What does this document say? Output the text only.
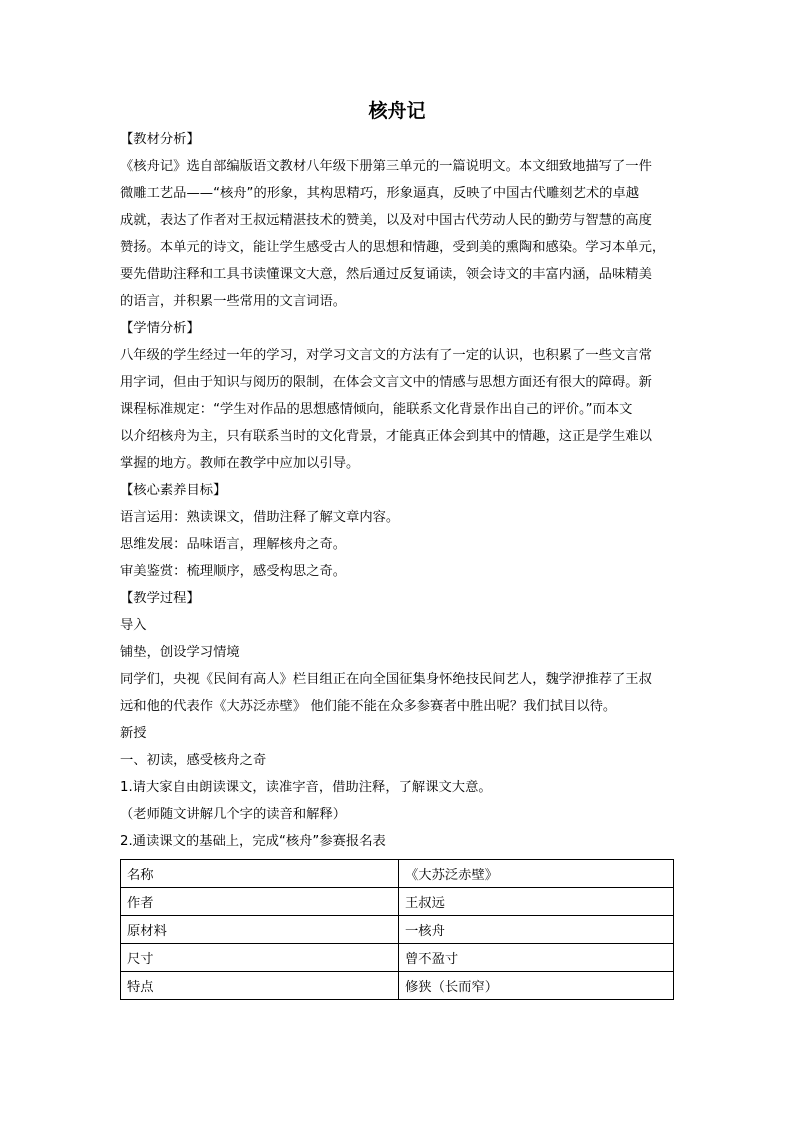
核舟记

【教材分析】

《核舟记》选自部编版语文教材八年级下册第三单元的一篇说明文。本文细致地描写了一件

微雕工艺品——“核舟”的形象，其构思精巧，形象逼真，反映了中国古代雕刻艺术的卓越

成就，表达了作者对王叔远精湛技术的赞美，以及对中国古代劳动人民的勤劳与智慧的高度

赞扬。本单元的诗文，能让学生感受古人的思想和情趣，受到美的熏陶和感染。学习本单元，

要先借助注释和工具书读懂课文大意，然后通过反复诵读，领会诗文的丰富内涵，品味精美

的语言，并积累一些常用的文言词语。

【学情分析】

八年级的学生经过一年的学习，对学习文言文的方法有了一定的认识，也积累了一些文言常

用字词，但由于知识与阅历的限制，在体会文言文中的情感与思想方面还有很大的障碍。新

课程标准规定：“学生对作品的思想感情倾向，能联系文化背景作出自己的评价。”而本文

以介绍核舟为主，只有联系当时的文化背景，才能真正体会到其中的情趣，这正是学生难以

掌握的地方。教师在教学中应加以引导。

【核心素养目标】

语言运用：熟读课文，借助注释了解文章内容。

思维发展：品味语言，理解核舟之奇。

审美鉴赏：梳理顺序，感受构思之奇。

【教学过程】

导入

铺垫，创设学习情境

同学们，央视《民间有高人》栏目组正在向全国征集身怀绝技民间艺人，魏学洢推荐了王叔

远和他的代表作《大苏泛赤壁》 他们能不能在众多参赛者中胜出呢？我们拭目以待。

新授

一、初读，感受核舟之奇

1.请大家自由朗读课文，读准字音，借助注释，了解课文大意。

（老师随文讲解几个字的读音和解释）

2.通读课文的基础上，完成“核舟”参赛报名表

名称	《大苏泛赤壁》
作者	王叔远
原材料	一核舟
尺寸	曾不盈寸
特点	修狭（长而窄）
